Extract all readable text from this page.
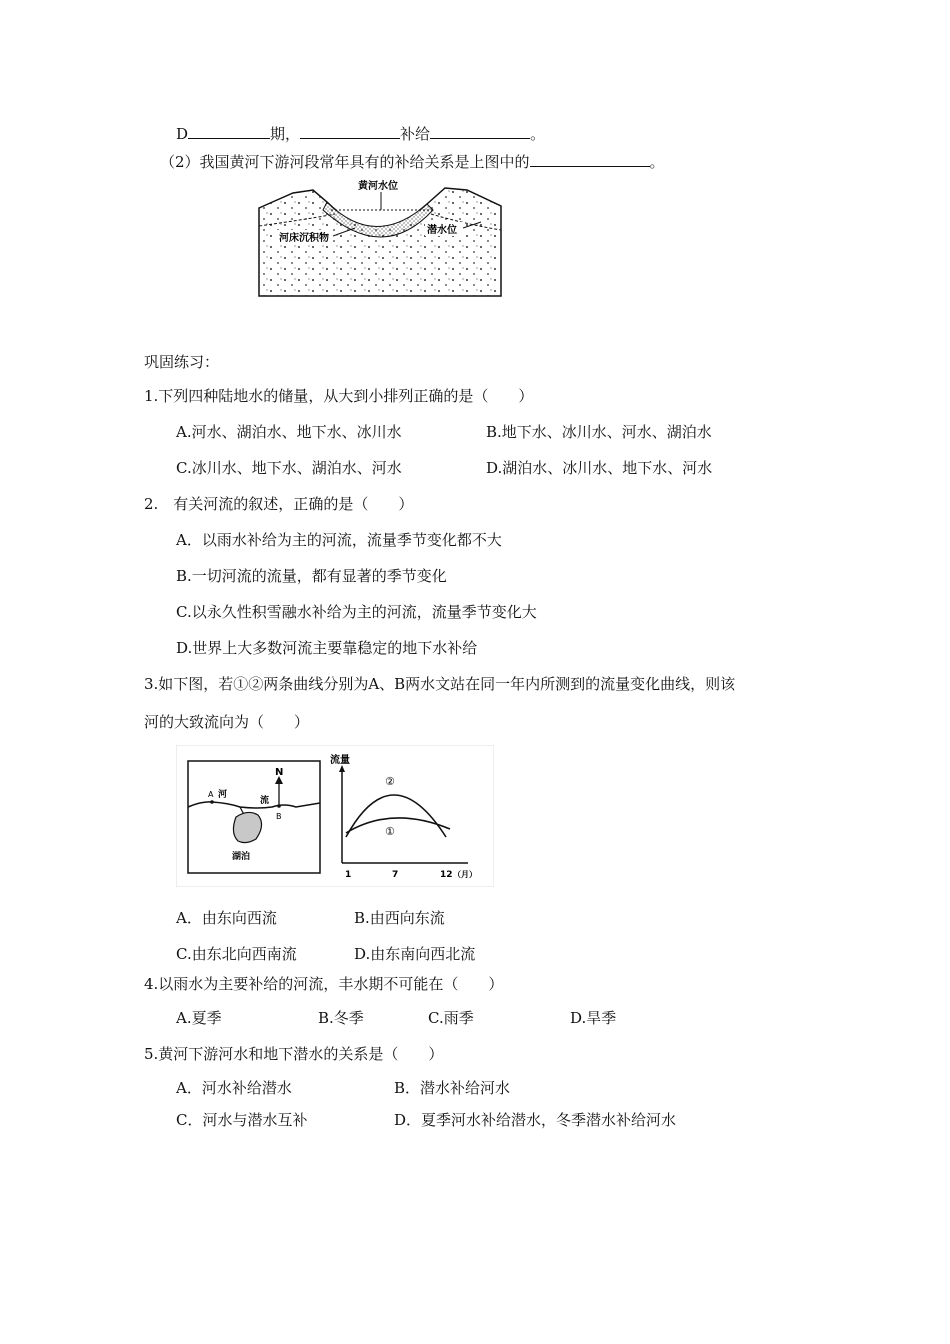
D	期，	补给	。
（2）我国黄河下游河段常年具有的补给关系是上图中的	。
黄河水位
河床沉积物
潜水位
巩固练习：
1.下列四种陆地水的储量，从大到小排列正确的是（　　）
A.河水、湖泊水、地下水、冰川水	B.地下水、冰川水、河水、湖泊水
C.冰川水、地下水、湖泊水、河水	D.湖泊水、冰川水、地下水、河水
2.　有关河流的叙述，正确的是（　　）
A．以雨水补给为主的河流，流量季节变化都不大
B.一切河流的流量，都有显著的季节变化
C.以永久性积雪融水补给为主的河流，流量季节变化大
D.世界上大多数河流主要靠稳定的地下水补给
3.如下图，若①②两条曲线分别为A、B两水文站在同一年内所测到的流量变化曲线，则该
河的大致流向为（　　）
N
A 河
流
B
湖泊
流量
②
①
1	7	12 （月）
A．由东向西流	B.由西向东流
C.由东北向西南流	D.由东南向西北流
4.以雨水为主要补给的河流，丰水期不可能在（　　）
A.夏季	B.冬季	C.雨季	D.旱季
5.黄河下游河水和地下潜水的关系是（　　）
A．河水补给潜水	B．潜水补给河水
C．河水与潜水互补	D．夏季河水补给潜水，冬季潜水补给河水
